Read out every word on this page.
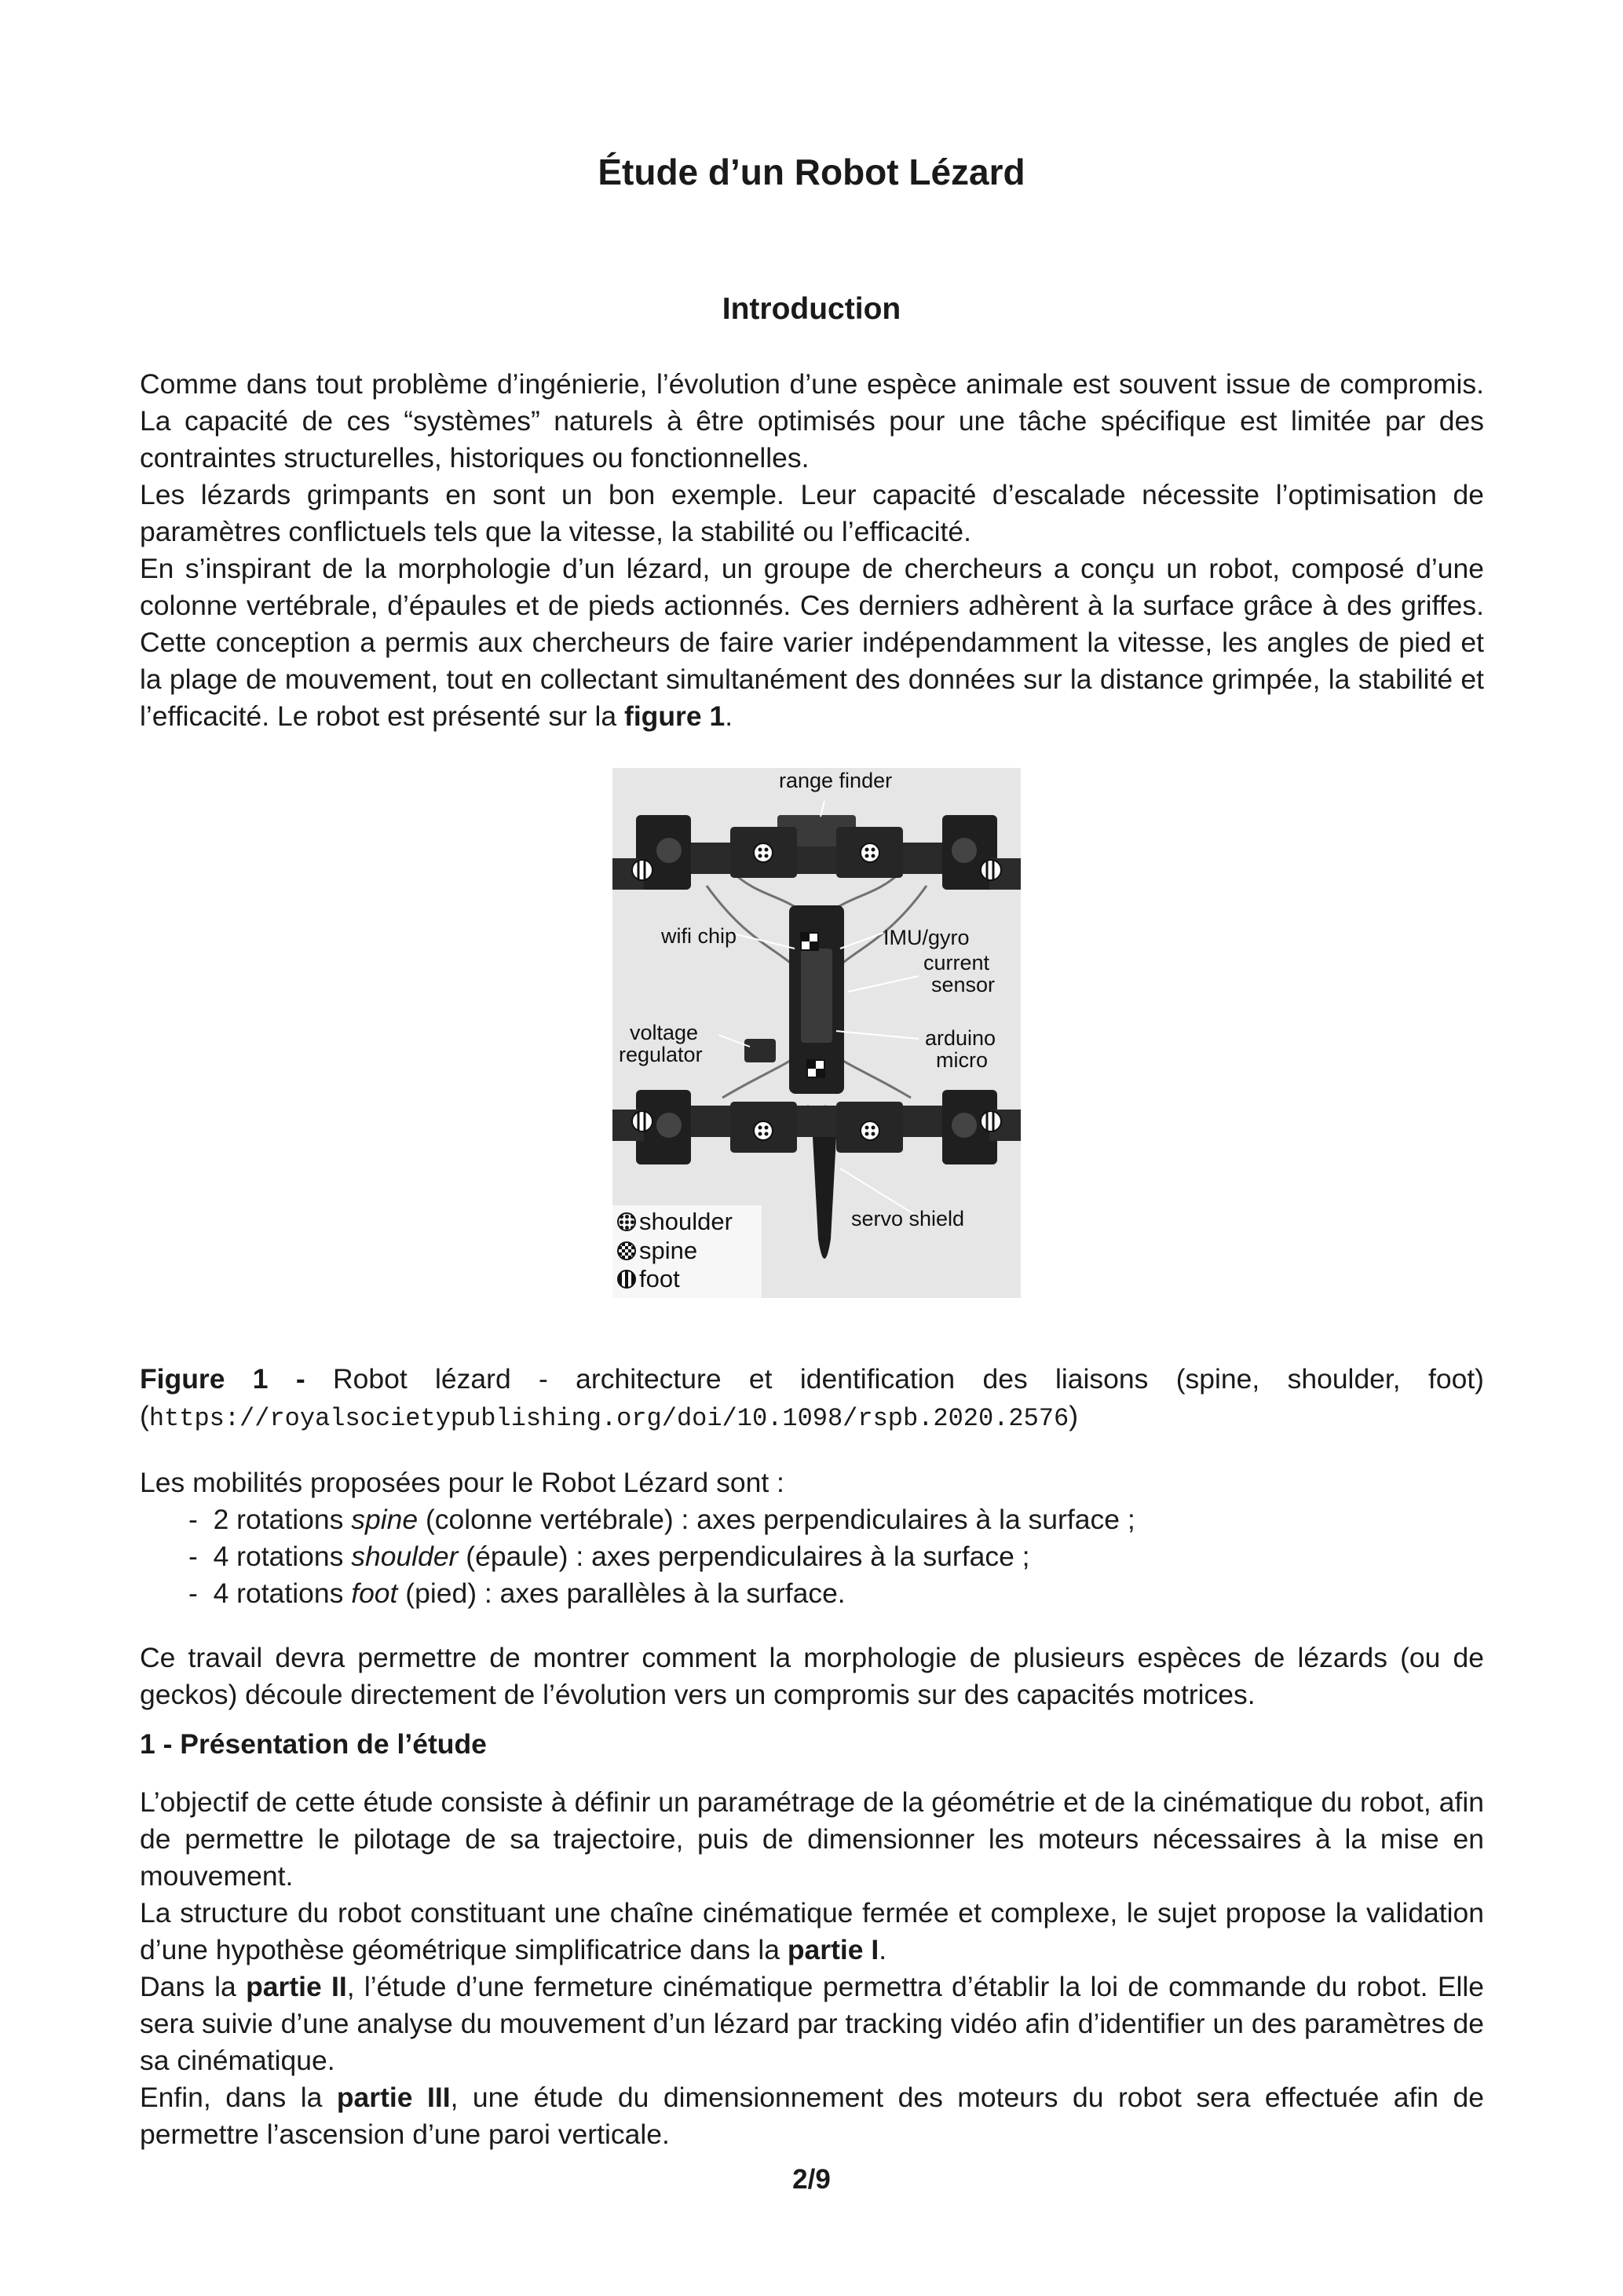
Étude d’un Robot Lézard
Introduction

Comme dans tout problème d’ingénierie, l’évolution d’une espèce animale est souvent issue de compromis. La capacité de ces “systèmes” naturels à être optimisés pour une tâche spécifique est limitée par des contraintes structurelles, historiques ou fonctionnelles.

Les lézards grimpants en sont un bon exemple. Leur capacité d’escalade nécessite l’optimisation de paramètres conflictuels tels que la vitesse, la stabilité ou l’efficacité.

En s’inspirant de la morphologie d’un lézard, un groupe de chercheurs a conçu un robot, composé d’une colonne vertébrale, d’épaules et de pieds actionnés. Ces derniers adhèrent à la surface grâce à des griffes. Cette conception a permis aux chercheurs de faire varier indépendamment la vitesse, les angles de pied et la plage de mouvement, tout en collectant simultanément des données sur la distance grimpée, la stabilité et l’efficacité. Le robot est présenté sur la figure 1.

range finder
wifi chip	IMU/gyro
current
sensor
voltage
regulator
arduino
micro
servo shield
shoulder
spine
foot

Figure 1 - Robot lézard - architecture et identification des liaisons (spine, shoulder, foot)

(https://royalsocietypublishing.org/doi/10.1098/rspb.2020.2576)

Les mobilités proposées pour le Robot Lézard sont :

- 2 rotations spine (colonne vertébrale) : axes perpendiculaires à la surface ;
- 4 rotations shoulder (épaule) : axes perpendiculaires à la surface ;
- 4 rotations foot (pied) : axes parallèles à la surface.

Ce travail devra permettre de montrer comment la morphologie de plusieurs espèces de lézards (ou de geckos) découle directement de l’évolution vers un compromis sur des capacités motrices.

1 - Présentation de l’étude

L’objectif de cette étude consiste à définir un paramétrage de la géométrie et de la cinématique du robot, afin de permettre le pilotage de sa trajectoire, puis de dimensionner les moteurs nécessaires à la mise en mouvement.

La structure du robot constituant une chaîne cinématique fermée et complexe, le sujet propose la validation d’une hypothèse géométrique simplificatrice dans la partie I.

Dans la partie II, l’étude d’une fermeture cinématique permettra d’établir la loi de commande du robot. Elle sera suivie d’une analyse du mouvement d’un lézard par tracking vidéo afin d’identifier un des paramètres de sa cinématique.

Enfin, dans la partie III, une étude du dimensionnement des moteurs du robot sera effectuée afin de permettre l’ascension d’une paroi verticale.

2/9
